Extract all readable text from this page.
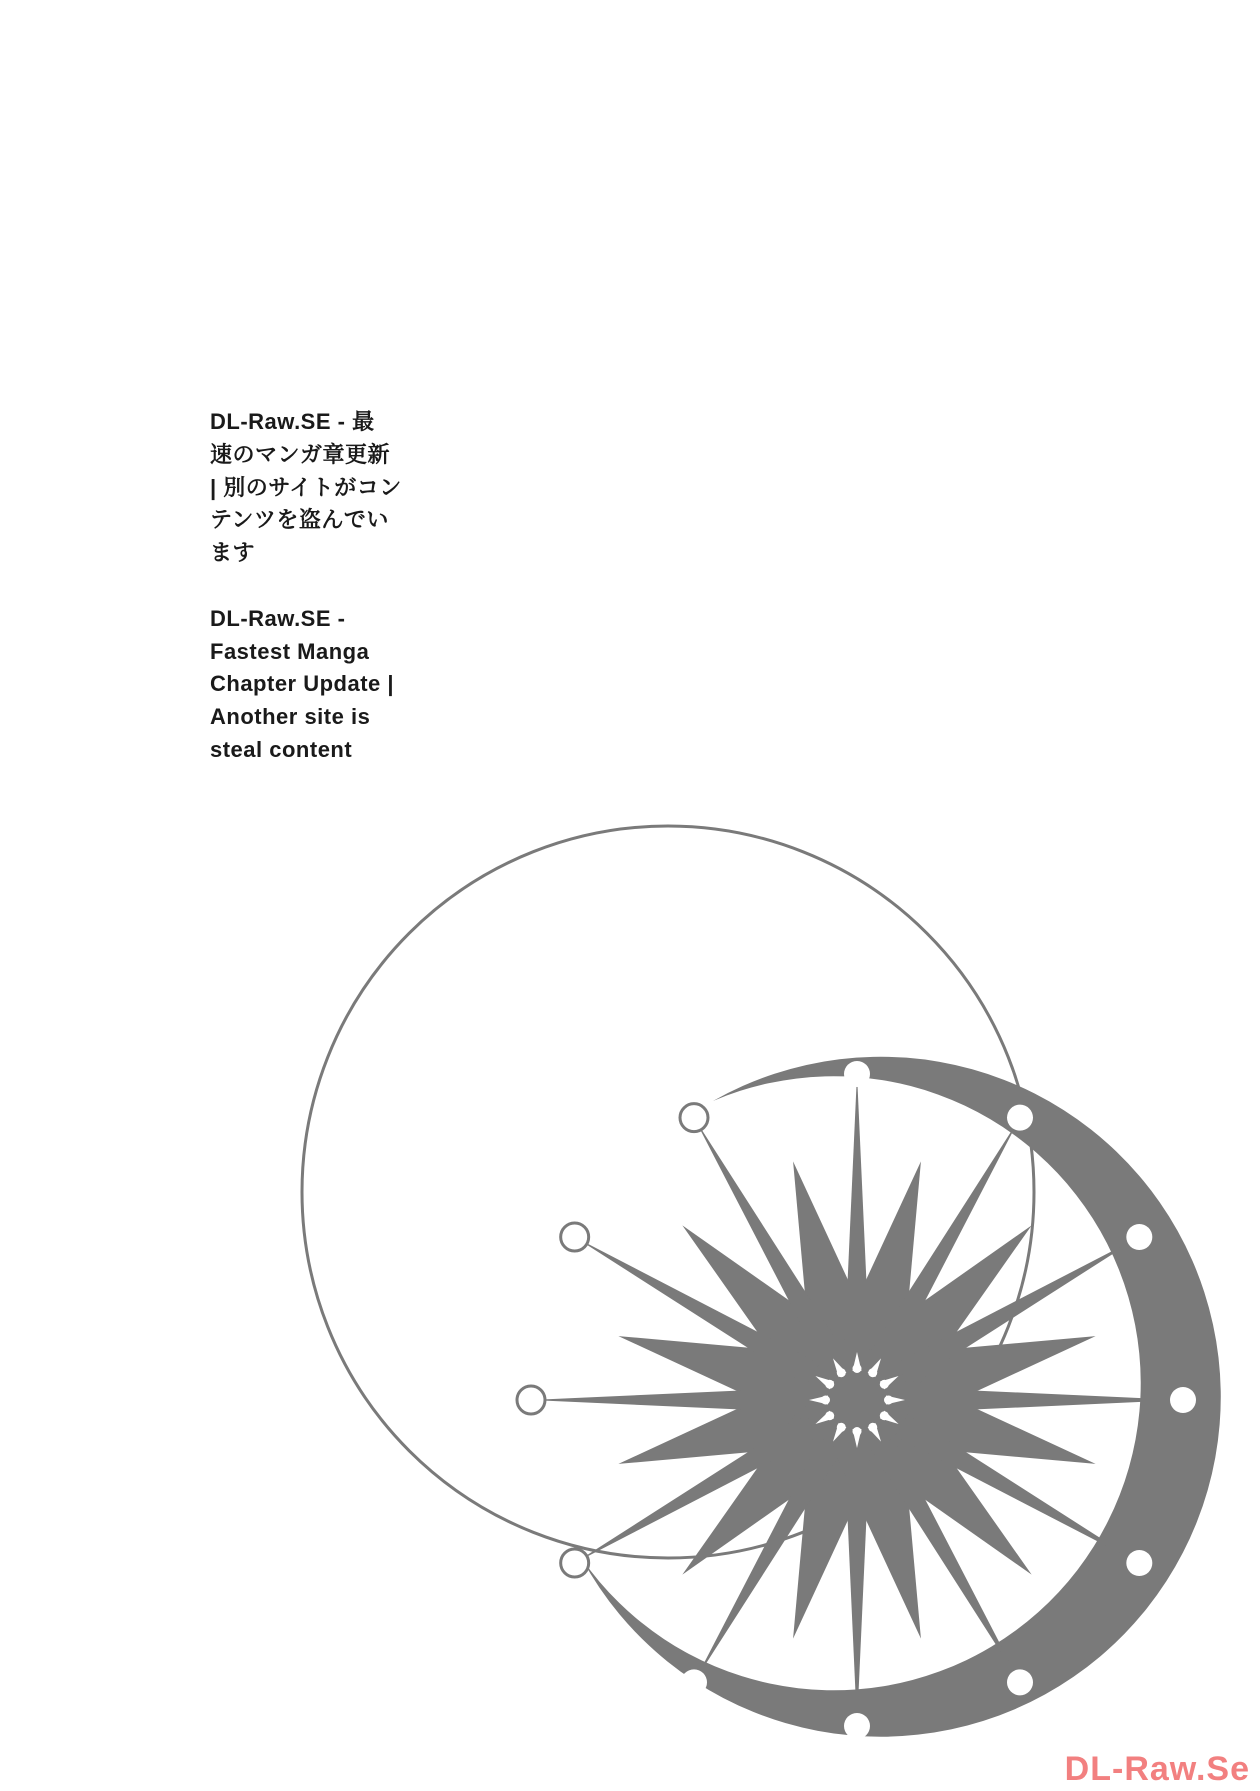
DL-Raw.SE - 最
速のマンガ章更新
| 別のサイトがコン
テンツを盗んでい
ます
DL-Raw.SE -
Fastest Manga
Chapter Update |
Another site is
steal content
DL-Raw.Se
